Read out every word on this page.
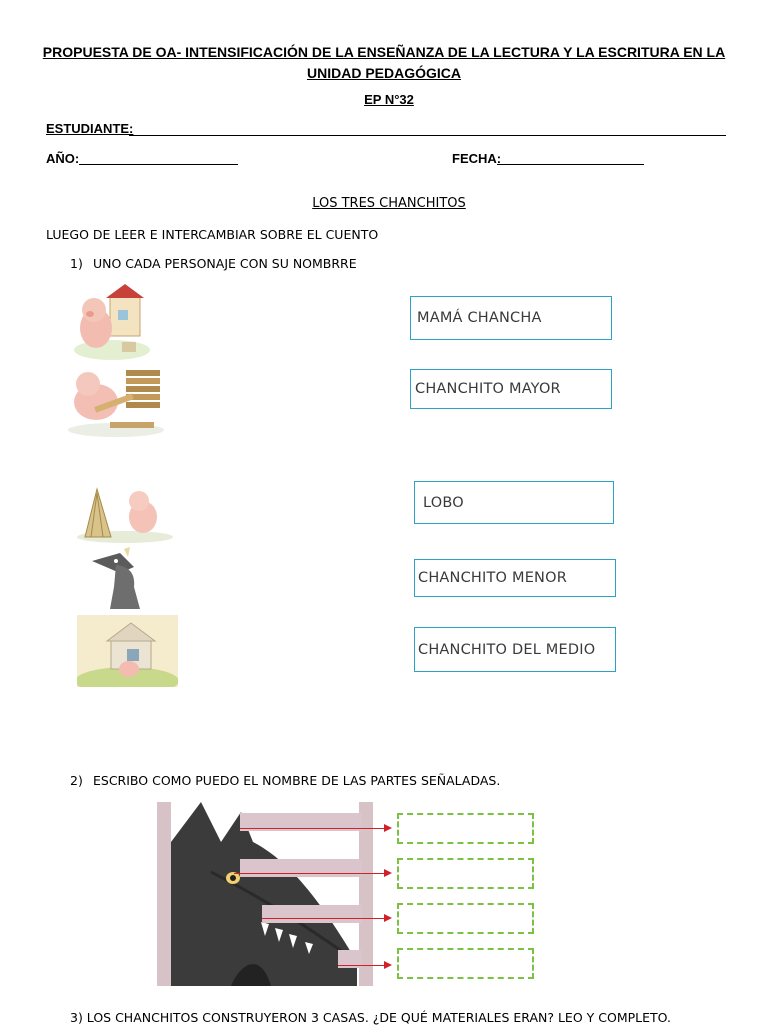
PROPUESTA DE OA- INTENSIFICACIÓN DE LA ENSEÑANZA DE LA LECTURA Y LA ESCRITURA EN LA UNIDAD PEDAGÓGICA
EP N°32
ESTUDIANTE:
AÑO:	FECHA:
LOS TRES CHANCHITOS
LUEGO DE LEER E INTERCAMBIAR SOBRE EL CUENTO
1) UNO CADA PERSONAJE CON SU NOMBRRE
MAMÁ CHANCHA
CHANCHITO MAYOR
LOBO
CHANCHITO MENOR
CHANCHITO DEL MEDIO
2) ESCRIBO COMO PUEDO EL NOMBRE DE LAS PARTES SEÑALADAS.
3) LOS CHANCHITOS CONSTRUYERON 3 CASAS. ¿DE QUÉ MATERIALES ERAN? LEO Y COMPLETO.
